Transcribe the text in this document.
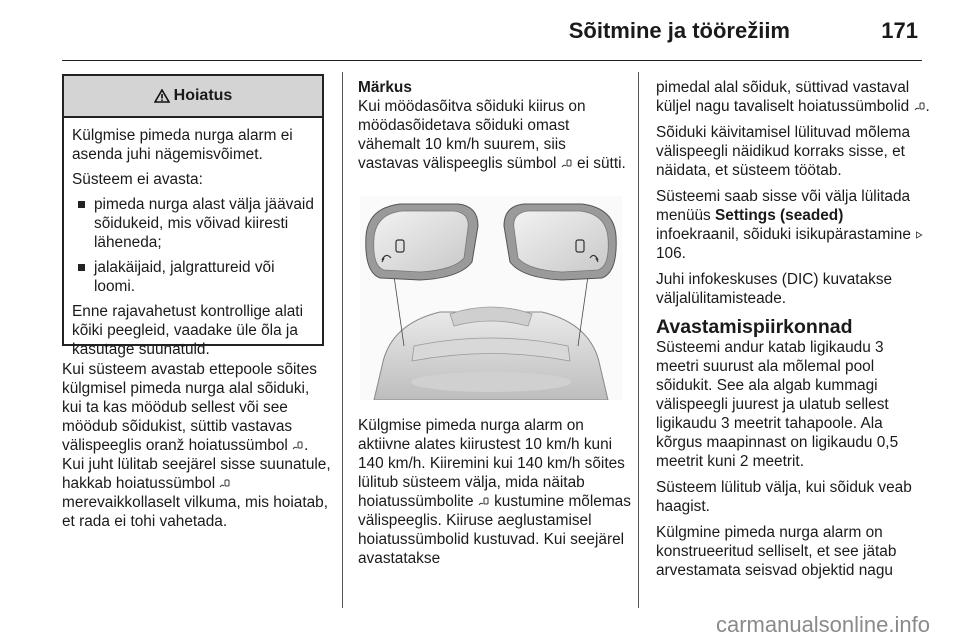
Sõitmine ja töörežiim	171
Hoiatus

Külgmise pimeda nurga alarm ei asenda juhi nägemisvõimet.

Süsteem ei avasta:

pimeda nurga alast välja jäävaid sõidukeid, mis võivad kiiresti läheneda;
jalakäijaid, jalgrattureid või loomi.

Enne rajavahetust kontrollige alati kõiki peegleid, vaadake üle õla ja kasutage suunatuld.

Kui süsteem avastab ettepoole sõites külgmisel pimeda nurga alal sõiduki, kui ta kas möödub sellest või see möödub sõidukist, süttib vastavas välispeeglis oranž hoiatussümbol . Kui juht lülitab seejärel sisse suunatule, hakkab hoiatussümbol  merevaikkollaselt vilkuma, mis hoiatab, et rada ei tohi vahetada.

Märkus

Kui möödasõitva sõiduki kiirus on möödasõidetava sõiduki omast vähemalt 10 km/h suurem, siis vastavas välispeeglis sümbol ei sütti.

Külgmise pimeda nurga alarm on aktiivne alates kiirustest 10 km/h kuni 140 km/h. Kiiremini kui 140 km/h sõites lülitub süsteem välja, mida näitab hoiatussümbolite kustumine mõlemas välispeeglis. Kiiruse aeglustamisel hoiatussümbolid kustuvad. Kui seejärel avastatakse

pimedal alal sõiduk, süttivad vastaval küljel nagu tavaliselt hoiatussümbolid .

Sõiduki käivitamisel lülituvad mõlema välispeegli näidikud korraks sisse, et näidata, et süsteem töötab.

Süsteemi saab sisse või välja lülitada menüüs Settings (seaded) infoekraanil, sõiduki isikupärastamine  106.

Juhi infokeskuses (DIC) kuvatakse väljalülitamisteade.

Avastamispiirkonnad

Süsteemi andur katab ligikaudu 3 meetri suurust ala mõlemal pool sõidukit. See ala algab kummagi välispeegli juurest ja ulatub sellest ligikaudu 3 meetrit tahapoole. Ala kõrgus maapinnast on ligikaudu 0,5 meetrit kuni 2 meetrit.

Süsteem lülitub välja, kui sõiduk veab haagist.

Külgmine pimeda nurga alarm on konstrueeritud selliselt, et see jätab arvestamata seisvad objektid nagu

carmanualsonline.info
